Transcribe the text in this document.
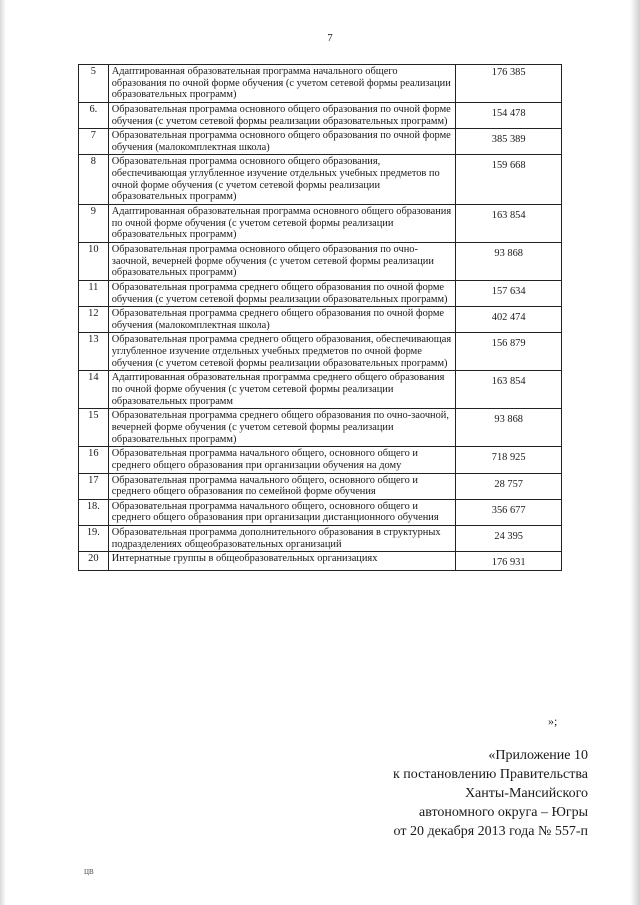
7
5	Адаптированная образовательная программа начального общего образования по очной форме обучения (с учетом сетевой формы реализации образовательных программ)	176 385
6.	Образовательная программа основного общего образования по очной форме обучения (с учетом сетевой формы реализации образовательных программ)	154 478
7	Образовательная программа основного общего образования по очной форме обучения (малокомплектная школа)	385 389
8	Образовательная программа основного общего образования, обеспечивающая углубленное изучение отдельных учебных предметов по очной форме обучения (с учетом сетевой формы реализации образовательных программ)	159 668
9	Адаптированная образовательная программа основного общего образования по очной форме обучения (с учетом сетевой формы реализации образовательных программ)	163 854
10	Образовательная программа основного общего образования по очно-заочной, вечерней форме обучения (с учетом сетевой формы реализации образовательных программ)	93 868
11	Образовательная программа среднего общего образования по очной форме обучения (с учетом сетевой формы реализации образовательных программ)	157 634
12	Образовательная программа среднего общего образования по очной форме обучения (малокомплектная школа)	402 474
13	Образовательная программа среднего общего образования, обеспечивающая углубленное изучение отдельных учебных предметов по очной форме обучения (с учетом сетевой формы реализации образовательных программ)	156 879
14	Адаптированная образовательная программа среднего общего образования по очной форме обучения (с учетом сетевой формы реализации образовательных программ	163 854
15	Образовательная программа среднего общего образования по очно-заочной, вечерней форме обучения (с учетом сетевой формы реализации образовательных программ)	93 868
16	Образовательная программа начального общего, основного общего и среднего общего образования при организации обучения на дому	718 925
17	Образовательная программа начального общего, основного общего и среднего общего образования по семейной форме обучения	28 757
18.	Образовательная программа начального общего, основного общего и среднего общего образования при организации дистанционного обучения	356 677
19.	Образовательная программа дополнительного образования в структурных подразделениях общеобразовательных организаций	24 395
20	Интернатные группы в общеобразовательных организациях	176 931
»;
«Приложение 10
к постановлению Правительства
Ханты-Мансийского
автономного округа – Югры
от 20 декабря 2013 года № 557-п
ЦВ
